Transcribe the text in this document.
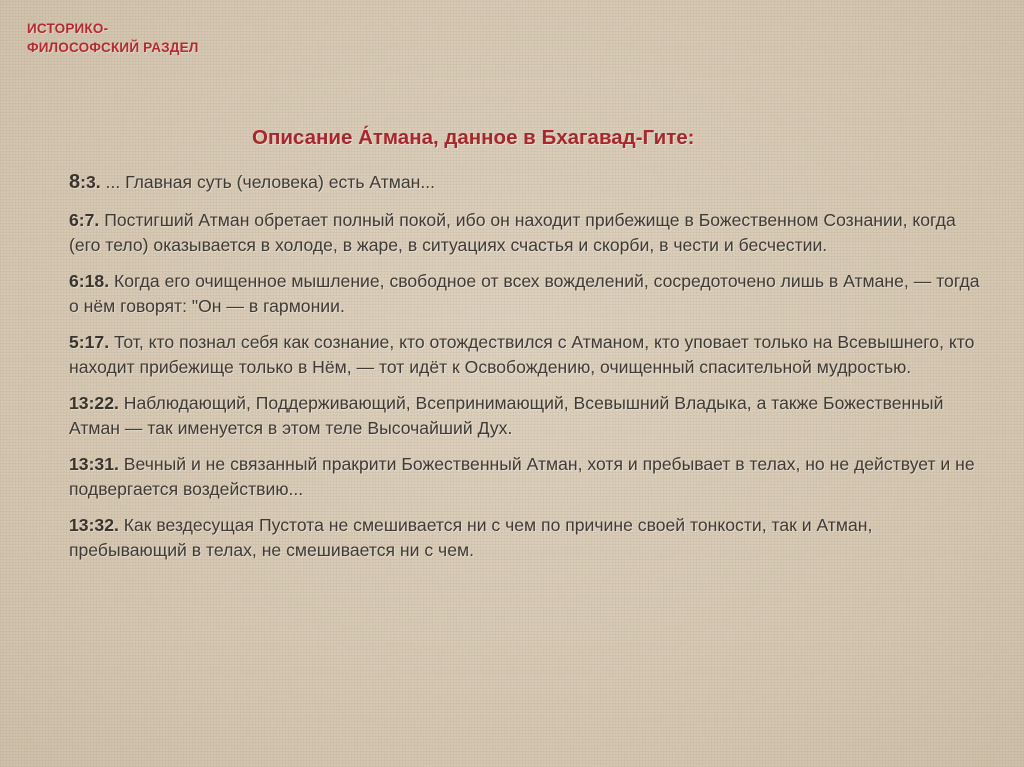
ИСТОРИКО-
ФИЛОСОФСКИЙ РАЗДЕЛ
Описание А́тмана, данное в Бхагавад-Гите:

8:3. ... Главная суть (человека) есть Атман...

6:7. Постигший Атман обретает полный покой, ибо он находит прибежище в Божественном Сознании, когда (его тело) оказывается в холоде, в жаре, в ситуациях счастья и скорби, в чести и бесчестии.

6:18. Когда его очищенное мышление, свободное от всех вожделений, сосредоточено лишь в Атмане, — тогда о нём говорят: "Он — в гармонии.

5:17. Тот, кто познал себя как сознание, кто отождествился с Атманом, кто уповает только на Всевышнего, кто находит прибежище только в Нём, — тот идёт к Освобождению, очищенный спасительной мудростью.

13:22. Наблюдающий, Поддерживающий, Всепринимающий, Всевышний Владыка, а также Божественный Атман — так именуется в этом теле Высочайший Дух.

13:31. Вечный и не связанный пракрити Божественный Атман, хотя и пребывает в телах, но не действует и не подвергается воздействию...

13:32. Как вездесущая Пустота не смешивается ни с чем по причине своей тонкости, так и Атман, пребывающий в телах, не смешивается ни с чем.
